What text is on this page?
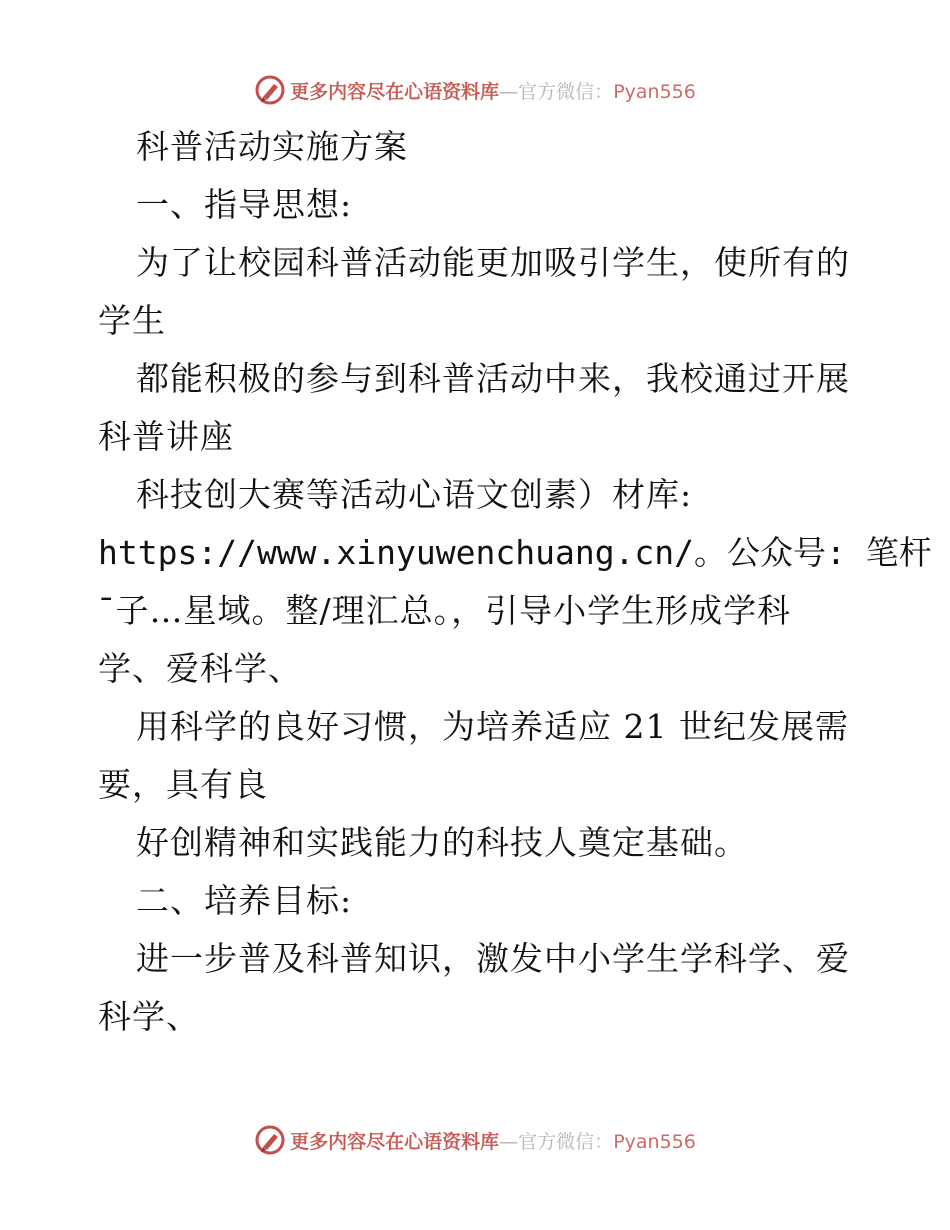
更多内容尽在心语资料库—官方微信：Pyan556
科普活动实施方案
一、指导思想:
为了让校园科普活动能更加吸引学生，使所有的
学生
都能积极的参与到科普活动中来，我校通过开展
科普讲座
科技创大赛等活动心语文创素）材库:
https://www.xinyuwenchuang.cn/。公众号: 笔杆
¯子…星域。整/理汇总。，引导小学生形成学科
学、爱科学、
用科学的良好习惯，为培养适应 21 世纪发展需
要，具有良
好创精神和实践能力的科技人奠定基础。
二、培养目标:
进一步普及科普知识，激发中小学生学科学、爱
科学、
更多内容尽在心语资料库—官方微信：Pyan556
